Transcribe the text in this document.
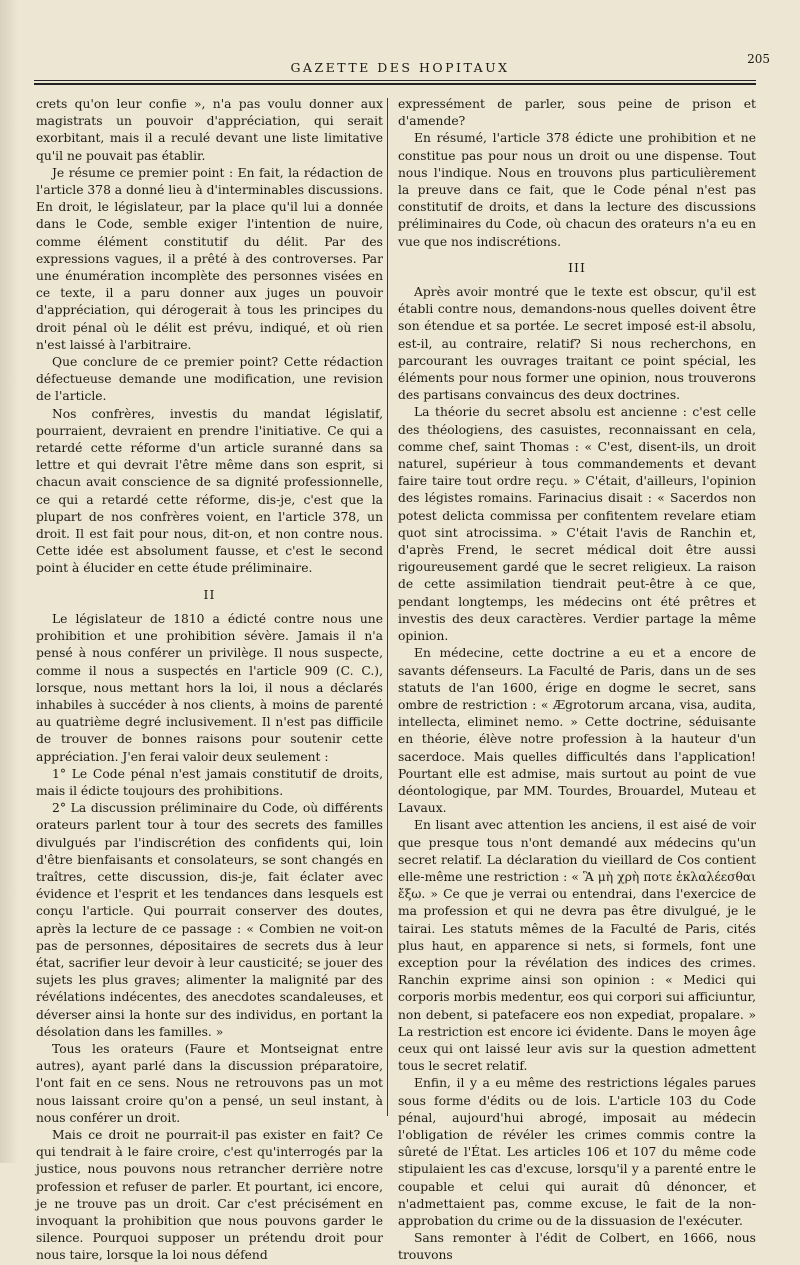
GAZETTE DES HOPITAUX
205

crets qu'on leur confie », n'a pas voulu donner aux magistrats un pouvoir d'appréciation, qui serait exorbitant, mais il a reculé devant une liste limitative qu'il ne pouvait pas établir.

Je résume ce premier point : En fait, la rédaction de l'article 378 a donné lieu à d'interminables discussions. En droit, le législateur, par la place qu'il lui a donnée dans le Code, semble exiger l'intention de nuire, comme élément constitutif du délit. Par des expressions vagues, il a prêté à des controverses. Par une énumération incomplète des personnes visées en ce texte, il a paru donner aux juges un pouvoir d'appréciation, qui dérogerait à tous les principes du droit pénal où le délit est prévu, indiqué, et où rien n'est laissé à l'arbitraire.

Que conclure de ce premier point? Cette rédaction défectueuse demande une modification, une revision de l'article.

Nos confrères, investis du mandat législatif, pourraient, devraient en prendre l'initiative. Ce qui a retardé cette réforme d'un article suranné dans sa lettre et qui devrait l'être même dans son esprit, si chacun avait conscience de sa dignité professionnelle, ce qui a retardé cette réforme, dis-je, c'est que la plupart de nos confrères voient, en l'article 378, un droit. Il est fait pour nous, dit-on, et non contre nous. Cette idée est absolument fausse, et c'est le second point à élucider en cette étude préliminaire.

II

Le législateur de 1810 a édicté contre nous une prohibition et une prohibition sévère. Jamais il n'a pensé à nous conférer un privilège. Il nous suspecte, comme il nous a suspectés en l'article 909 (C. C.), lorsque, nous mettant hors la loi, il nous a déclarés inhabiles à succéder à nos clients, à moins de parenté au quatrième degré inclusivement. Il n'est pas difficile de trouver de bonnes raisons pour soutenir cette appréciation. J'en ferai valoir deux seulement :

1° Le Code pénal n'est jamais constitutif de droits, mais il édicte toujours des prohibitions.

2° La discussion préliminaire du Code, où différents orateurs parlent tour à tour des secrets des familles divulgués par l'indiscrétion des confidents qui, loin d'être bienfaisants et consolateurs, se sont changés en traîtres, cette discussion, dis-je, fait éclater avec évidence et l'esprit et les tendances dans lesquels est conçu l'article. Qui pourrait conserver des doutes, après la lecture de ce passage : « Combien ne voit-on pas de personnes, dépositaires de secrets dus à leur état, sacrifier leur devoir à leur causticité; se jouer des sujets les plus graves; alimenter la malignité par des révélations indécentes, des anecdotes scandaleuses, et déverser ainsi la honte sur des individus, en portant la désolation dans les familles. »

Tous les orateurs (Faure et Montseignat entre autres), ayant parlé dans la discussion préparatoire, l'ont fait en ce sens. Nous ne retrouvons pas un mot nous laissant croire qu'on a pensé, un seul instant, à nous conférer un droit.

Mais ce droit ne pourrait-il pas exister en fait? Ce qui tendrait à le faire croire, c'est qu'interrogés par la justice, nous pouvons nous retrancher derrière notre profession et refuser de parler. Et pourtant, ici encore, je ne trouve pas un droit. Car c'est précisément en invoquant la prohibition que nous pouvons garder le silence. Pourquoi supposer un prétendu droit pour nous taire, lorsque la loi nous défend

expressément de parler, sous peine de prison et d'amende?

En résumé, l'article 378 édicte une prohibition et ne constitue pas pour nous un droit ou une dispense. Tout nous l'indique. Nous en trouvons plus particulièrement la preuve dans ce fait, que le Code pénal n'est pas constitutif de droits, et dans la lecture des discussions préliminaires du Code, où chacun des orateurs n'a eu en vue que nos indiscrétions.

III

Après avoir montré que le texte est obscur, qu'il est établi contre nous, demandons-nous quelles doivent être son étendue et sa portée. Le secret imposé est-il absolu, est-il, au contraire, relatif? Si nous recherchons, en parcourant les ouvrages traitant ce point spécial, les éléments pour nous former une opinion, nous trouverons des partisans convaincus des deux doctrines.

La théorie du secret absolu est ancienne : c'est celle des théologiens, des casuistes, reconnaissant en cela, comme chef, saint Thomas : « C'est, disent-ils, un droit naturel, supérieur à tous commandements et devant faire taire tout ordre reçu. » C'était, d'ailleurs, l'opinion des légistes romains. Farinacius disait : « Sacerdos non potest delicta commissa per confitentem revelare etiam quot sint atrocissima. » C'était l'avis de Ranchin et, d'après Frend, le secret médical doit être aussi rigoureusement gardé que le secret religieux. La raison de cette assimilation tiendrait peut-être à ce que, pendant longtemps, les médecins ont été prêtres et investis des deux caractères. Verdier partage la même opinion.

En médecine, cette doctrine a eu et a encore de savants défenseurs. La Faculté de Paris, dans un de ses statuts de l'an 1600, érige en dogme le secret, sans ombre de restriction : « Ægrotorum arcana, visa, audita, intellecta, eliminet nemo. » Cette doctrine, séduisante en théorie, élève notre profession à la hauteur d'un sacerdoce. Mais quelles difficultés dans l'application! Pourtant elle est admise, mais surtout au point de vue déontologique, par MM. Tourdes, Brouardel, Muteau et Lavaux.

En lisant avec attention les anciens, il est aisé de voir que presque tous n'ont demandé aux médecins qu'un secret relatif. La déclaration du vieillard de Cos contient elle-même une restriction : « Ἃ μὴ χρὴ ποτε ἐκλαλέεσθαι ἔξω. » Ce que je verrai ou entendrai, dans l'exercice de ma profession et qui ne devra pas être divulgué, je le tairai. Les statuts mêmes de la Faculté de Paris, cités plus haut, en apparence si nets, si formels, font une exception pour la révélation des indices des crimes. Ranchin exprime ainsi son opinion : « Medici qui corporis morbis medentur, eos qui corpori sui afficiuntur, non debent, si patefacere eos non expediat, propalare. » La restriction est encore ici évidente. Dans le moyen âge ceux qui ont laissé leur avis sur la question admettent tous le secret relatif.

Enfin, il y a eu même des restrictions légales parues sous forme d'édits ou de lois. L'article 103 du Code pénal, aujourd'hui abrogé, imposait au médecin l'obligation de révéler les crimes commis contre la sûreté de l'État. Les articles 106 et 107 du même code stipulaient les cas d'excuse, lorsqu'il y a parenté entre le coupable et celui qui aurait dû dénoncer, et n'admettaient pas, comme excuse, le fait de la non-approbation du crime ou de la dissuasion de l'exécuter.

Sans remonter à l'édit de Colbert, en 1666, nous trouvons
